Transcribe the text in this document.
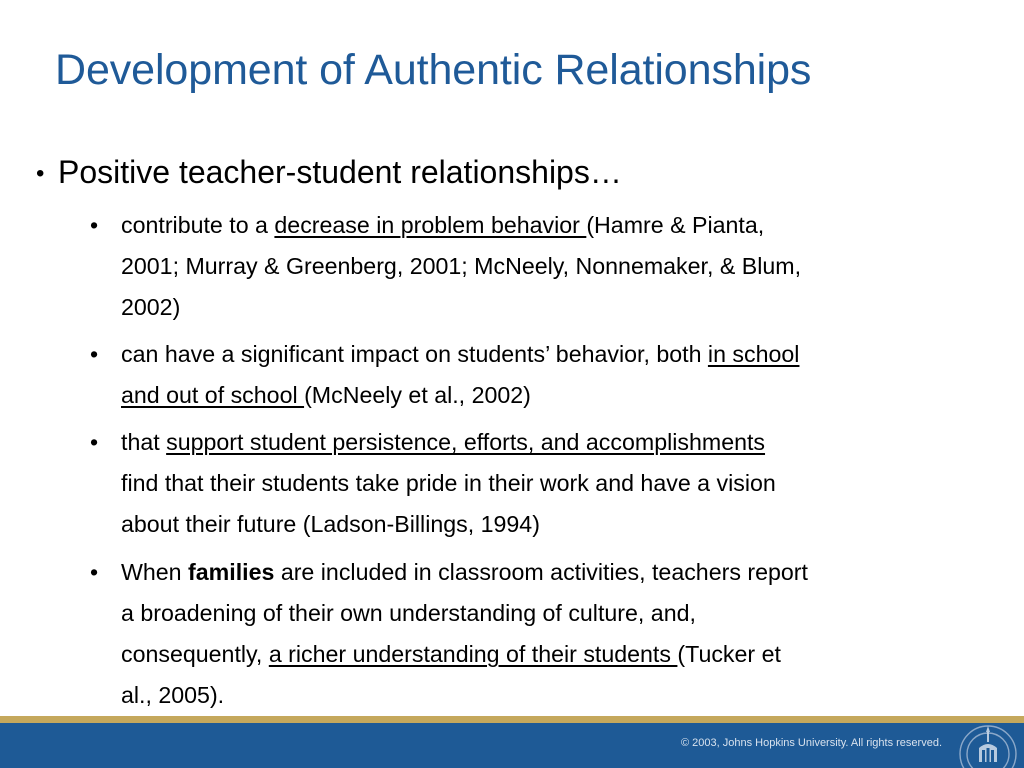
Development of Authentic Relationships
• Positive teacher-student relationships…
• contribute to a decrease in problem behavior (Hamre & Pianta,
2001; Murray & Greenberg, 2001; McNeely, Nonnemaker, & Blum,
2002)
• can have a significant impact on students’ behavior, both in school
and out of school (McNeely et al., 2002)
• that support student persistence, efforts, and accomplishments
find that their students take pride in their work and have a vision
about their future (Ladson-Billings, 1994)
• When families are included in classroom activities, teachers report
a broadening of their own understanding of culture, and,
consequently, a richer understanding of their students (Tucker et
al., 2005).
© 2003, Johns Hopkins University. All rights reserved.
